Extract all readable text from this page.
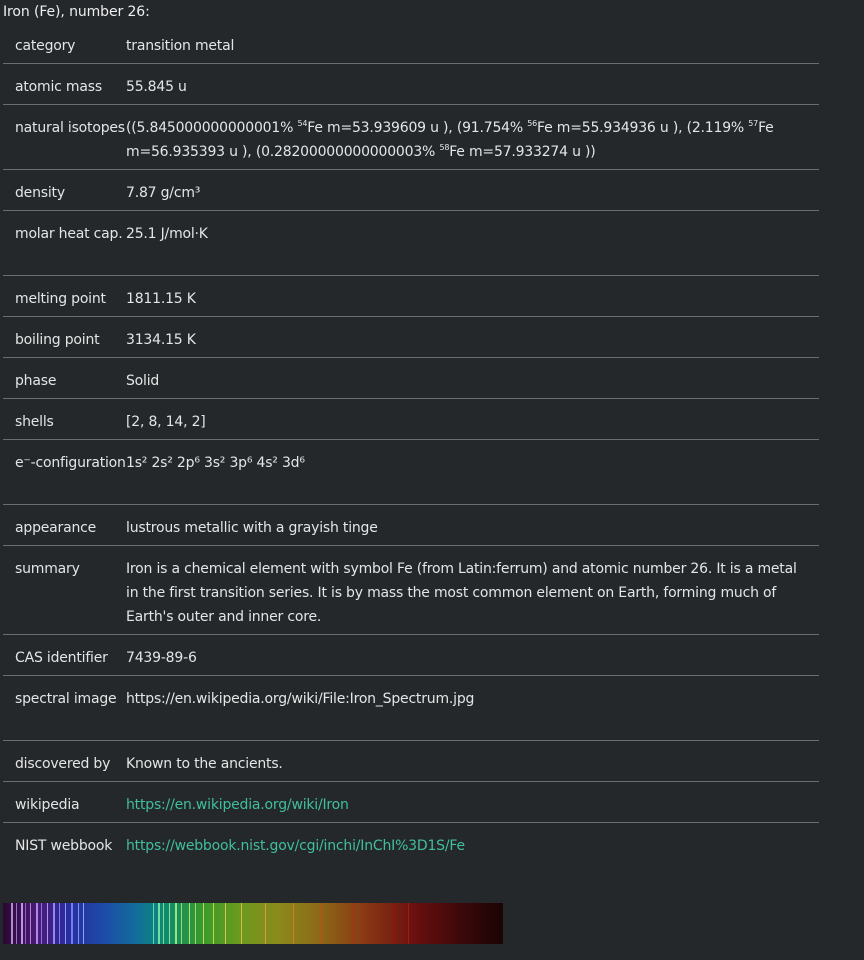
Iron (Fe), number 26:
category	transition metal
atomic mass	55.845 u
natural isotopes ((5.845000000000001% $^{54}$Fe m=53.939609 u ), (91.754% $^{56}$Fe m=55.934936 u ), (2.119% $^{57}$Fe m=56.935393 u ), (0.28200000000000003% $^{58}$Fe m=57.933274 u ))
density	7.87 g/cm³
molar heat cap. 25.1 J/mol·K
melting point	1811.15 K
boiling point	3134.15 K
phase	Solid
shells	[2, 8, 14, 2]
e⁻-configuration 1s² 2s² 2p⁶ 3s² 3p⁶ 4s² 3d⁶
appearance	lustrous metallic with a grayish tinge
summary	Iron is a chemical element with symbol Fe (from Latin:ferrum) and atomic number 26. It is a metal in the first transition series. It is by mass the most common element on Earth, forming much of Earth's outer and inner core.
CAS identifier	7439-89-6
spectral image https://en.wikipedia.org/wiki/File:Iron_Spectrum.jpg
discovered by	Known to the ancients.
wikipedia	https://en.wikipedia.org/wiki/Iron
NIST webbook https://webbook.nist.gov/cgi/inchi/InChI%3D1S/Fe
